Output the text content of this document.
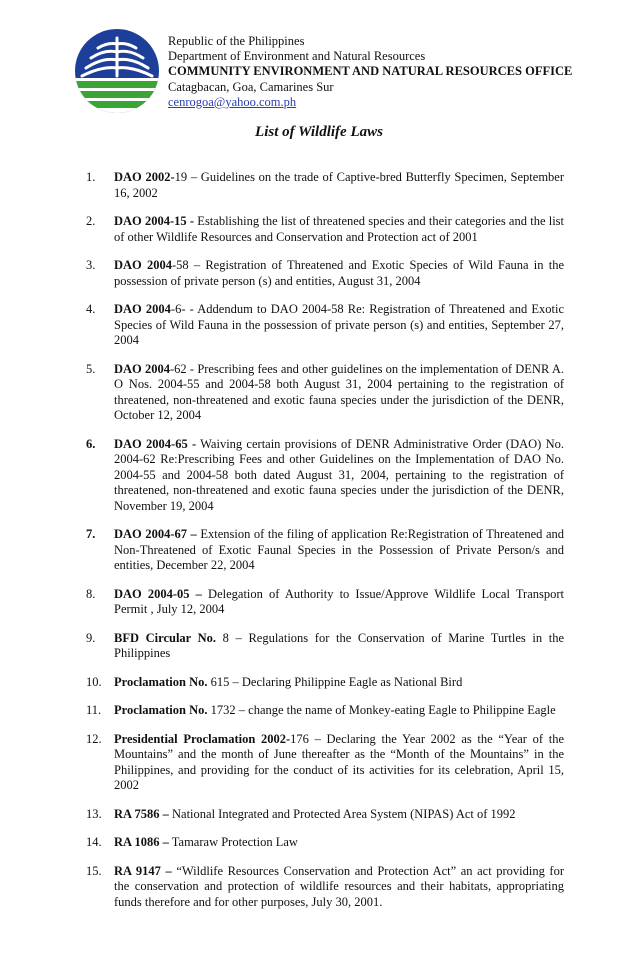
Republic of the Philippines
Department of Environment and Natural Resources
COMMUNITY ENVIRONMENT AND NATURAL RESOURCES OFFICE
Catagbacan, Goa, Camarines Sur
cenrogoa@yahoo.com.ph
List of Wildlife Laws
1. DAO 2002-19 – Guidelines on the trade of Captive-bred Butterfly Specimen, September 16, 2002
2. DAO 2004-15 - Establishing the list of threatened species and their categories and the list of other Wildlife Resources and Conservation and Protection act of 2001
3. DAO 2004-58 – Registration of Threatened and Exotic Species of Wild Fauna in the possession of private person (s) and entities, August 31, 2004
4. DAO 2004-6- - Addendum to DAO 2004-58 Re: Registration of Threatened and Exotic Species of Wild Fauna in the possession of private person (s) and entities, September 27, 2004
5. DAO 2004-62 - Prescribing fees and other guidelines on the implementation of DENR A. O Nos. 2004-55 and 2004-58 both August 31, 2004 pertaining to the registration of threatened, non-threatened and exotic fauna species under the jurisdiction of the DENR, October 12, 2004
6. DAO 2004-65 - Waiving certain provisions of DENR Administrative Order (DAO) No. 2004-62 Re:Prescribing Fees and other Guidelines on the Implementation of DAO No. 2004-55 and 2004-58 both dated August 31, 2004, pertaining to the registration of threatened, non-threatened and exotic fauna species under the jurisdiction of the DENR, November 19, 2004
7. DAO 2004-67 – Extension of the filing of application Re:Registration of Threatened and Non-Threatened of Exotic Faunal Species in the Possession of Private Person/s and entities, December 22, 2004
8. DAO 2004-05 – Delegation of Authority to Issue/Approve Wildlife Local Transport Permit , July 12, 2004
9. BFD Circular No. 8 – Regulations for the Conservation of Marine Turtles in the Philippines
10. Proclamation No. 615 – Declaring Philippine Eagle as National Bird
11. Proclamation No. 1732 – change the name of Monkey-eating Eagle to Philippine Eagle
12. Presidential Proclamation 2002-176 – Declaring the Year 2002 as the “Year of the Mountains” and the month of June thereafter as the “Month of the Mountains” in the Philippines, and providing for the conduct of its activities for its celebration, April 15, 2002
13. RA 7586 – National Integrated and Protected Area System (NIPAS) Act of 1992
14. RA 1086 – Tamaraw Protection Law
15. RA 9147 – “Wildlife Resources Conservation and Protection Act” an act providing for the conservation and protection of wildlife resources and their habitats, appropriating funds therefore and for other purposes, July 30, 2001.
